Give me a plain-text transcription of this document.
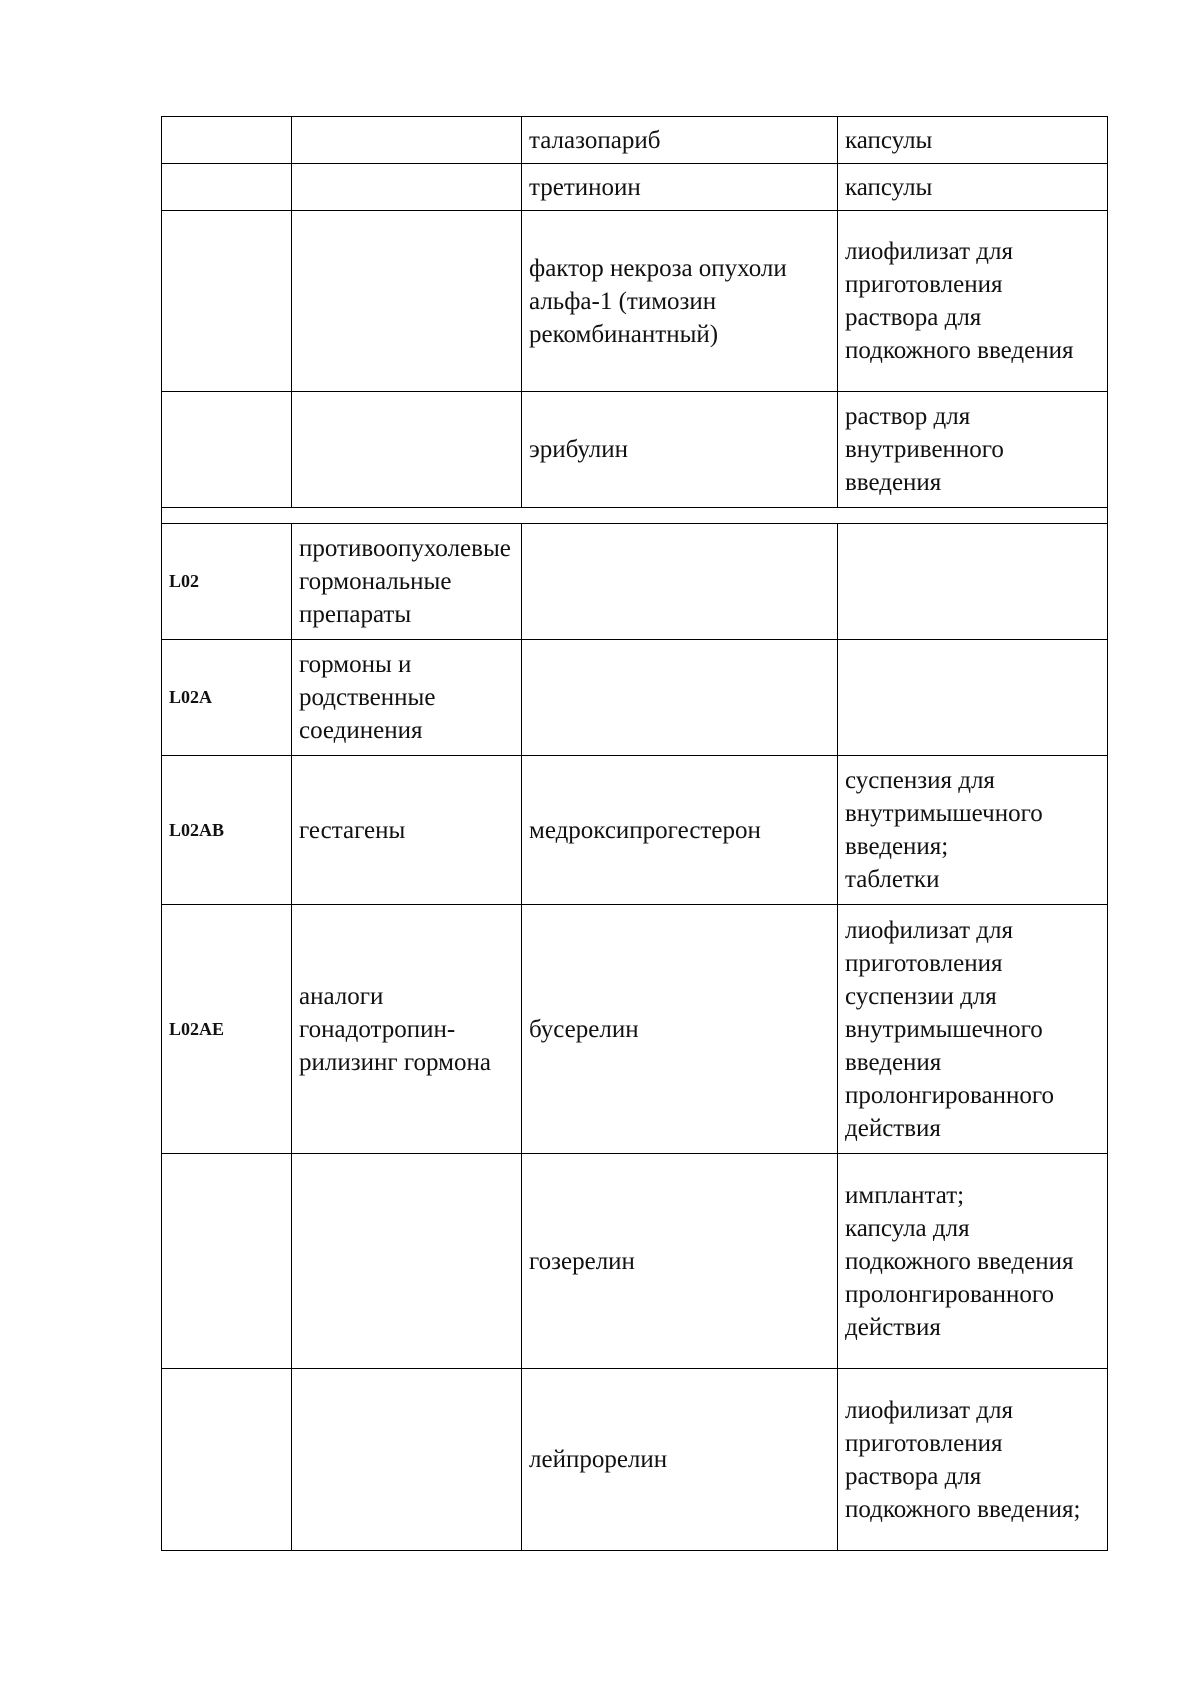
		талазопариб	капсулы

		третиноин	капсулы

		фактор некроза опухоли альфа-1 (тимозин рекомбинантный)	лиофилизат для приготовления раствора для подкожного введения

		эрибулин	раствор для внутривенного введения

L02	противоопухолевые гормональные препараты		
L02A	гормоны и родственные соединения		
L02AB	гестагены	медроксипрогестерон	суспензия для внутримышечного введения;
таблетки

L02AE	аналоги гонадотропин-рилизинг гормона	бусерелин	лиофилизат для приготовления суспензии для внутримышечного введения пролонгированного действия

		гозерелин	имплантат;
капсула для подкожного введения пролонгированного действия

		лейпрорелин	лиофилизат для приготовления раствора для подкожного введения;
